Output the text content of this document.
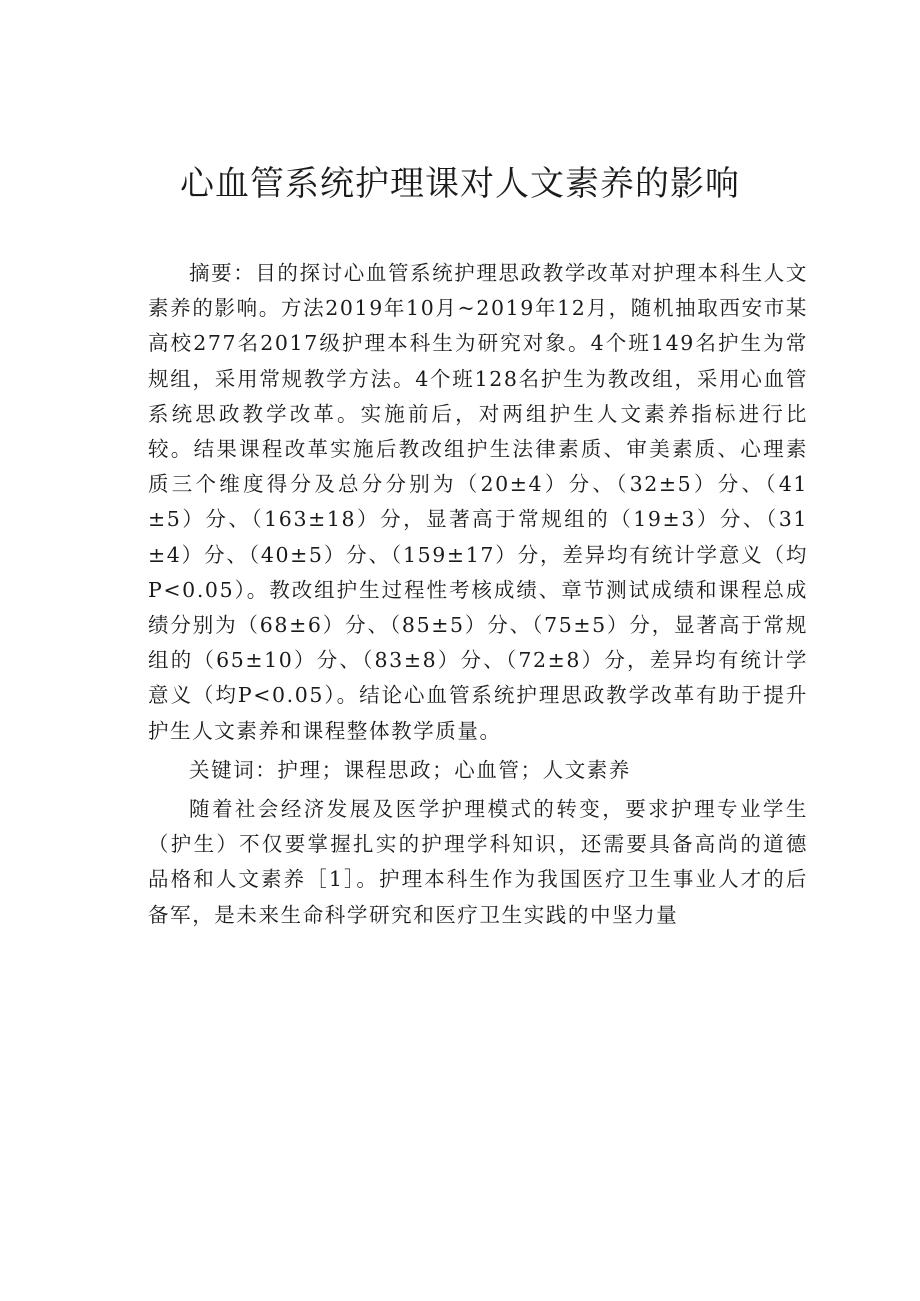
心血管系统护理课对人文素养的影响

摘要：目的探讨心血管系统护理思政教学改革对护理本科生人文素养的影响。方法2019年10月~2019年12月，随机抽取西安市某高校277名2017级护理本科生为研究对象。4个班149名护生为常规组，采用常规教学方法。4个班128名护生为教改组，采用心血管系统思政教学改革。实施前后，对两组护生人文素养指标进行比较。结果课程改革实施后教改组护生法律素质、审美素质、心理素质三个维度得分及总分分别为（20±4）分、（32±5）分、（41±5）分、（163±18）分，显著高于常规组的（19±3）分、（31±4）分、（40±5）分、（159±17）分，差异均有统计学意义（均P<0.05）。教改组护生过程性考核成绩、章节测试成绩和课程总成绩分别为（68±6）分、（85±5）分、（75±5）分，显著高于常规组的（65±10）分、（83±8）分、（72±8）分，差异均有统计学意义（均P<0.05）。结论心血管系统护理思政教学改革有助于提升护生人文素养和课程整体教学质量。

关键词：护理；课程思政；心血管；人文素养

随着社会经济发展及医学护理模式的转变，要求护理专业学生（护生）不仅要掌握扎实的护理学科知识，还需要具备高尚的道德品格和人文素养［1］。护理本科生作为我国医疗卫生事业人才的后备军，是未来生命科学研究和医疗卫生实践的中坚力量
